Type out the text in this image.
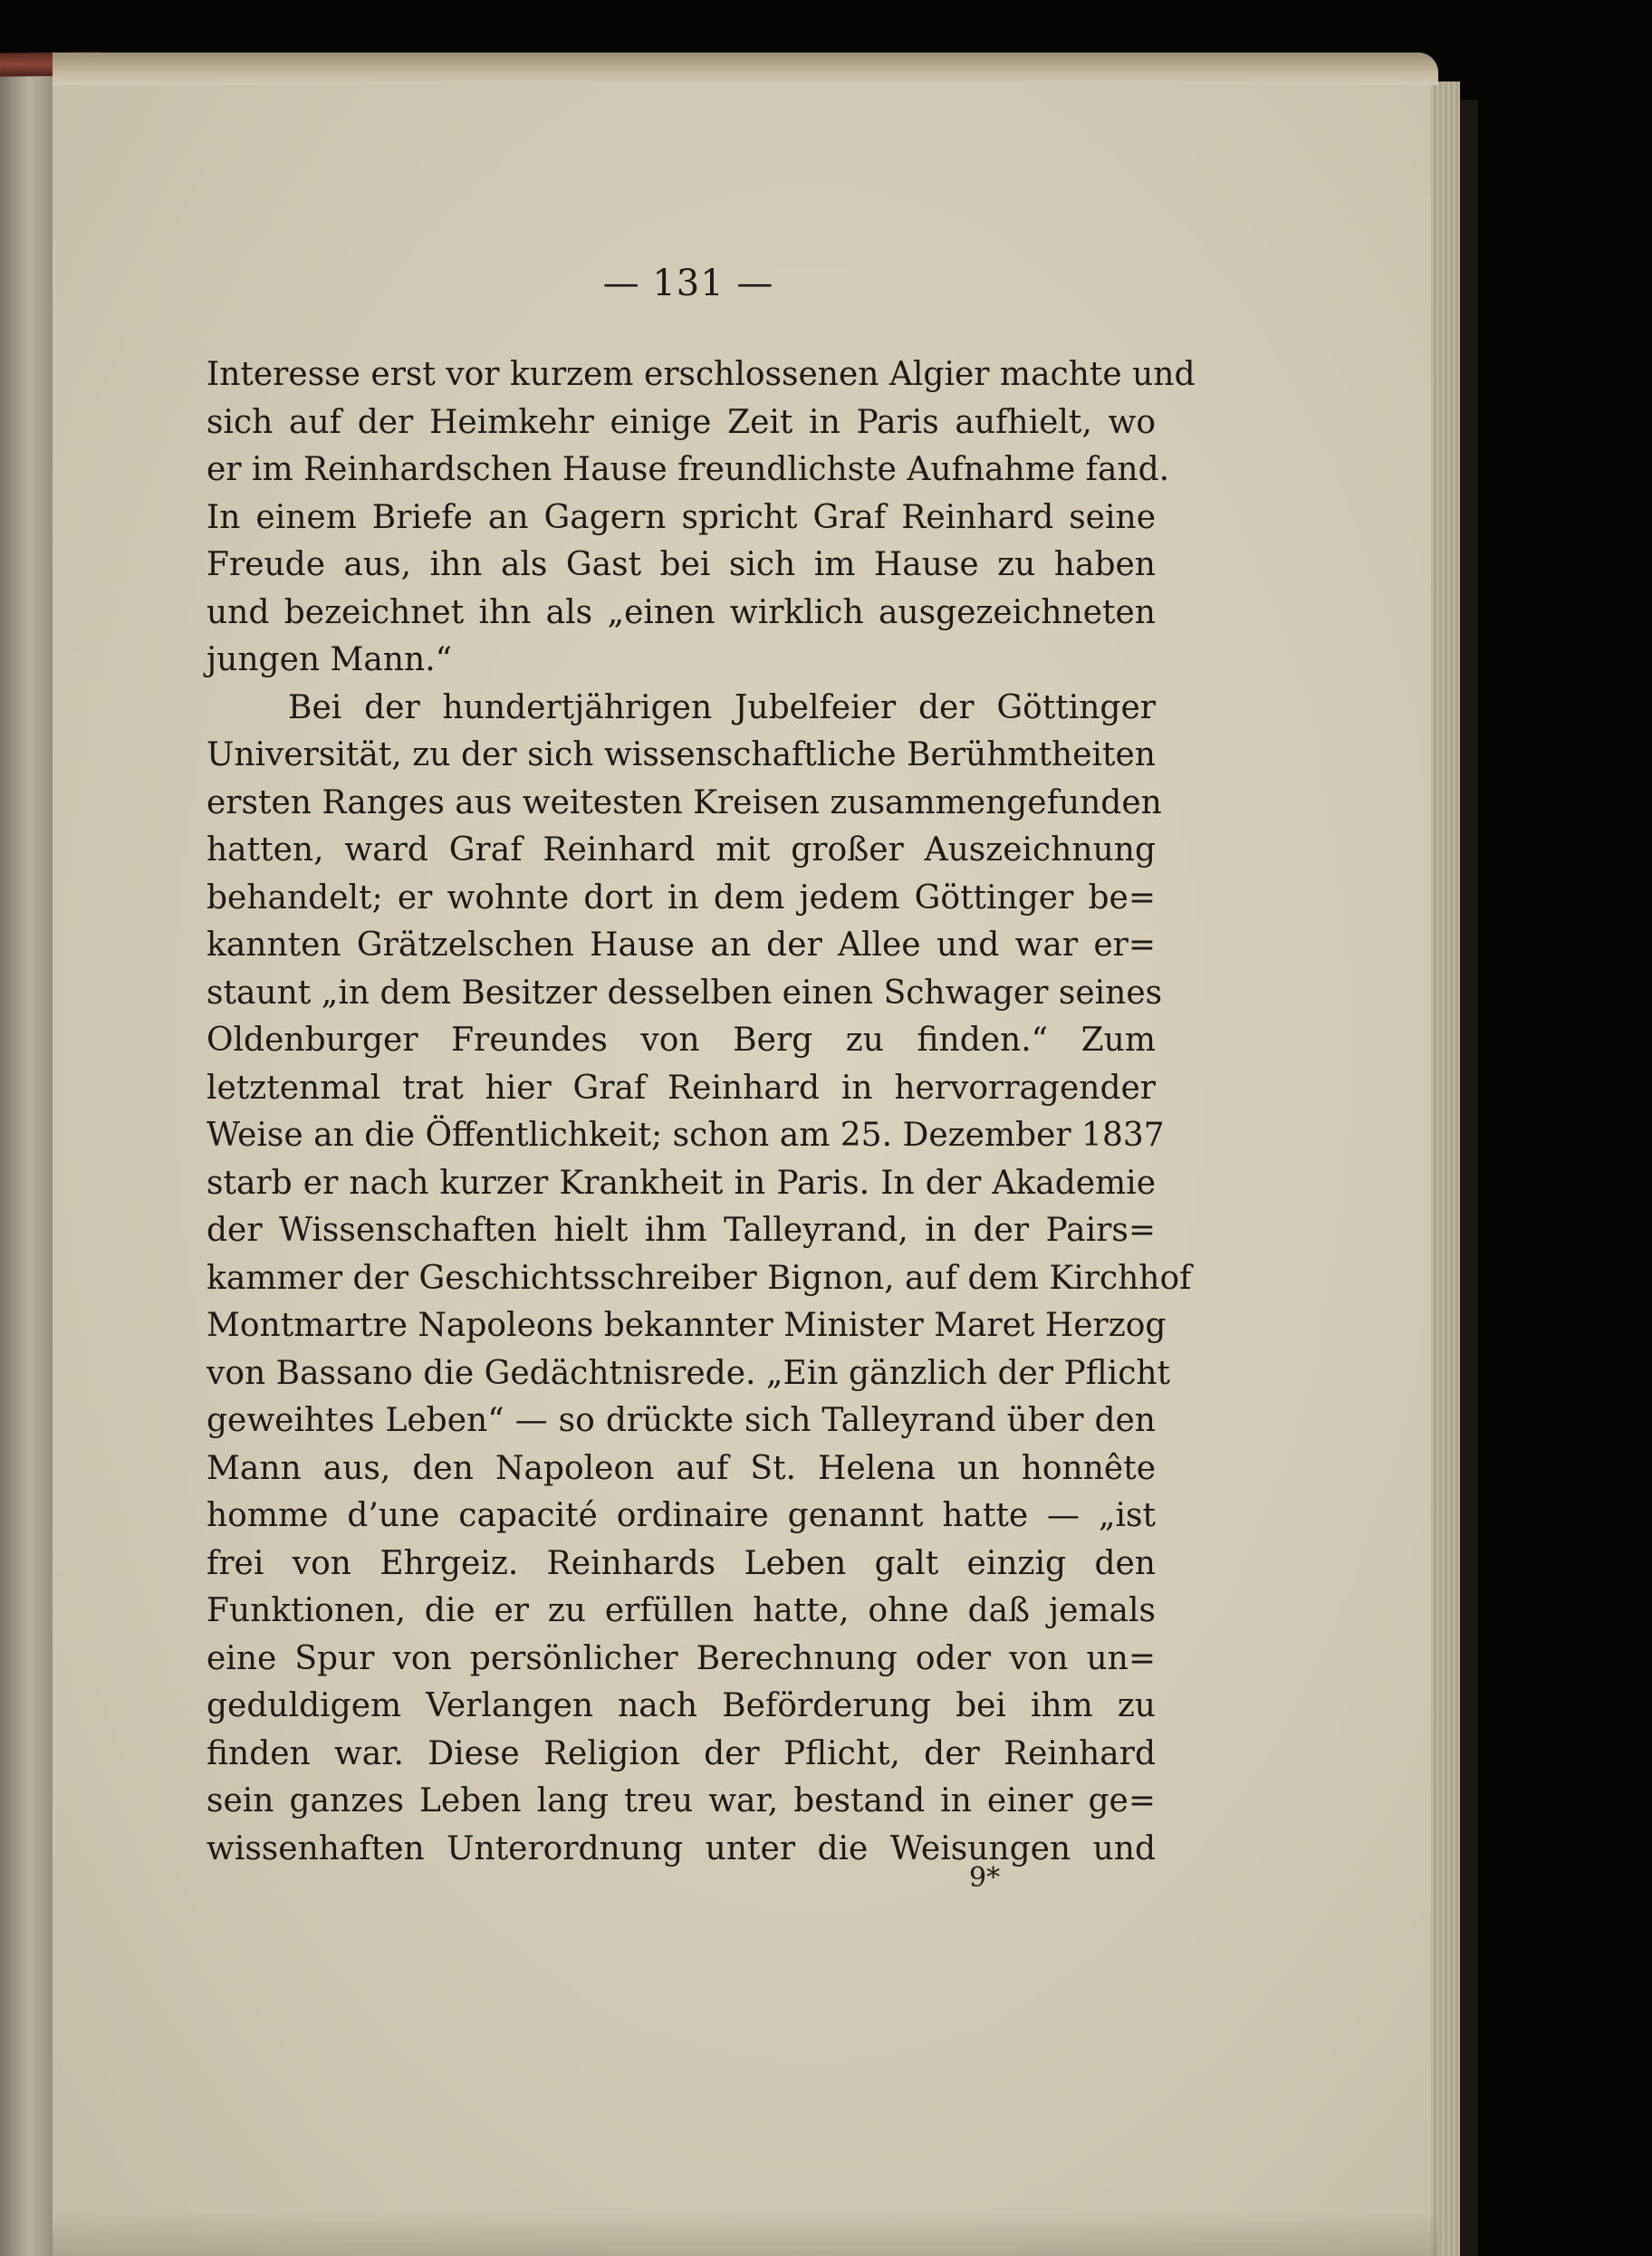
— 131 —
Interesse erst vor kurzem erschlossenen Algier machte und
sich auf der Heimkehr einige Zeit in Paris aufhielt, wo
er im Reinhardschen Hause freundlichste Aufnahme fand.
In einem Briefe an Gagern spricht Graf Reinhard seine
Freude aus, ihn als Gast bei sich im Hause zu haben
und bezeichnet ihn als „einen wirklich ausgezeichneten
jungen Mann.“
Bei der hundertjährigen Jubelfeier der Göttinger
Universität, zu der sich wissenschaftliche Berühmtheiten
ersten Ranges aus weitesten Kreisen zusammengefunden
hatten, ward Graf Reinhard mit großer Auszeichnung
behandelt; er wohnte dort in dem jedem Göttinger be=
kannten Grätzelschen Hause an der Allee und war er=
staunt „in dem Besitzer desselben einen Schwager seines
Oldenburger Freundes von Berg zu finden.“ Zum
letztenmal trat hier Graf Reinhard in hervorragender
Weise an die Öffentlichkeit; schon am 25. Dezember 1837
starb er nach kurzer Krankheit in Paris. In der Akademie
der Wissenschaften hielt ihm Talleyrand, in der Pairs=
kammer der Geschichtsschreiber Bignon, auf dem Kirchhof
Montmartre Napoleons bekannter Minister Maret Herzog
von Bassano die Gedächtnisrede. „Ein gänzlich der Pflicht
geweihtes Leben“ — so drückte sich Talleyrand über den
Mann aus, den Napoleon auf St. Helena un honnête
homme d’une capacité ordinaire genannt hatte — „ist
frei von Ehrgeiz. Reinhards Leben galt einzig den
Funktionen, die er zu erfüllen hatte, ohne daß jemals
eine Spur von persönlicher Berechnung oder von un=
geduldigem Verlangen nach Beförderung bei ihm zu
finden war. Diese Religion der Pflicht, der Reinhard
sein ganzes Leben lang treu war, bestand in einer ge=
wissenhaften Unterordnung unter die Weisungen und
9*
